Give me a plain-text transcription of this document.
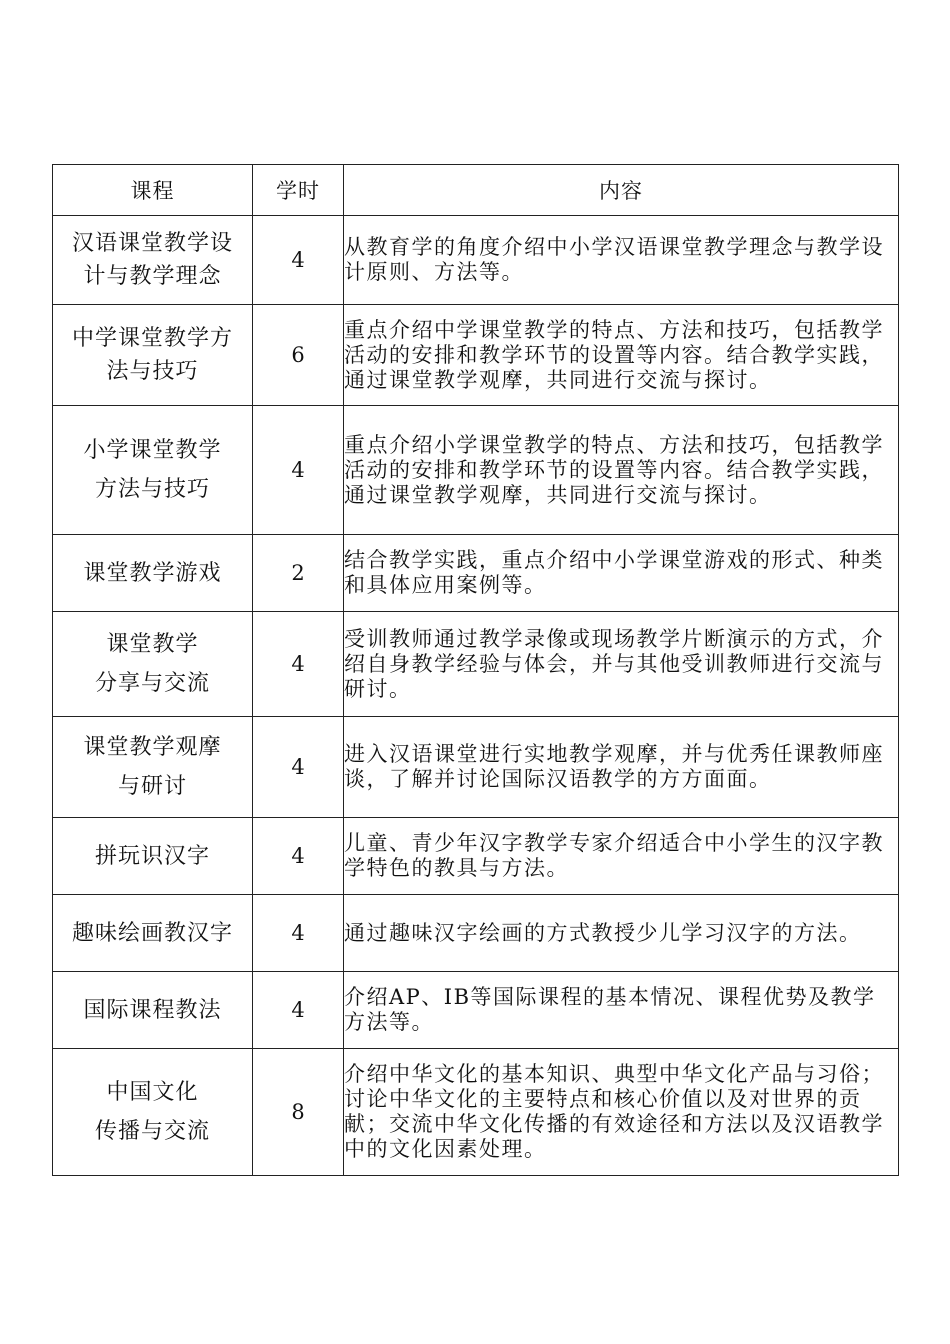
课程	学时	内容

汉语课堂教学设
计与教学理念	4	从教育学的角度介绍中小学汉语课堂教学理念与教学设计原则、方法等。

中学课堂教学方
法与技巧	6	重点介绍中学课堂教学的特点、方法和技巧，包括教学活动的安排和教学环节的设置等内容。结合教学实践， 通过课堂教学观摩，共同进行交流与探讨。

小学课堂教学
方法与技巧	4	重点介绍小学课堂教学的特点、方法和技巧，包括教学活动的安排和教学环节的设置等内容。结合教学实践， 通过课堂教学观摩，共同进行交流与探讨。

课堂教学游戏	2	结合教学实践，重点介绍中小学课堂游戏的形式、种类和具体应用案例等。

课堂教学
分享与交流	4	受训教师通过教学录像或现场教学片断演示的方式，介绍自身教学经验与体会，并与其他受训教师进行交流与研讨。

课堂教学观摩
与研讨	4	进入汉语课堂进行实地教学观摩，并与优秀任课教师座谈，了解并讨论国际汉语教学的方方面面。

拼玩识汉字	4	儿童、青少年汉字教学专家介绍适合中小学生的汉字教学特色的教具与方法。

趣味绘画教汉字	4	通过趣味汉字绘画的方式教授少儿学习汉字的方法。

国际课程教法	4	介绍AP、IB等国际课程的基本情况、课程优势及教学方法等。

中国文化
传播与交流	8	介绍中华文化的基本知识、典型中华文化产品与习俗；讨论中华文化的主要特点和核心价值以及对世界的贡献；交流中华文化传播的有效途径和方法以及汉语教学中的文化因素处理。
